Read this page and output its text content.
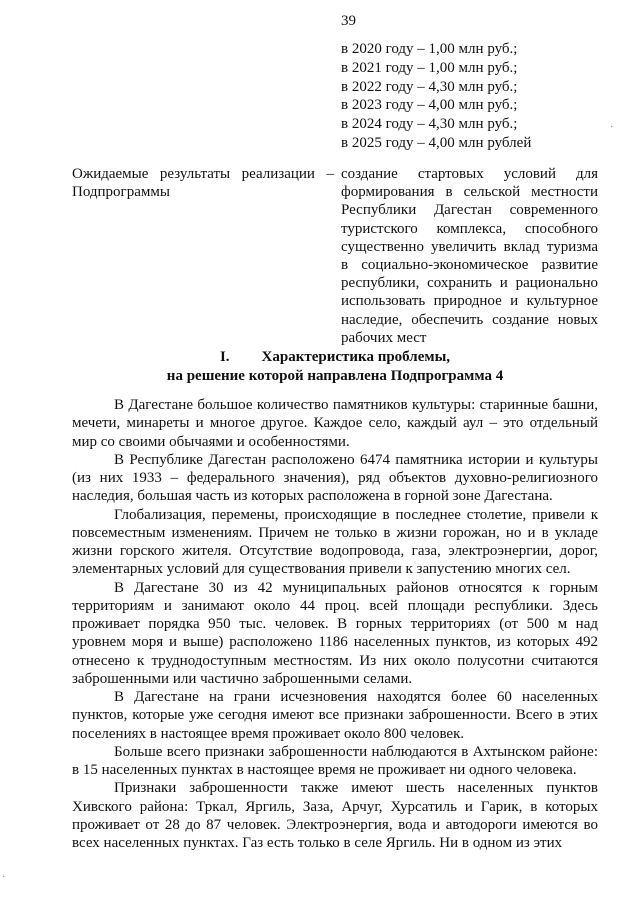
39
в 2020 году – 1,00 млн руб.;
в 2021 году – 1,00 млн руб.;
в 2022 году – 4,30 млн руб.;
в 2023 году – 4,00 млн руб.;
в 2024 году – 4,30 млн руб.;
в 2025 году – 4,00 млн рублей
Ожидаемые результаты реализации –
Подпрограммы
создание стартовых условий для формирования в сельской местности Республики Дагестан современного туристского комплекса, способного существенно увеличить вклад туризма в социально-экономическое развитие республики, сохранить и рационально использовать природное и культурное наследие, обеспечить создание новых рабочих мест
I. Характеристика проблемы,
на решение которой направлена Подпрограмма 4

В Дагестане большое количество памятников культуры: старинные башни, мечети, минареты и многое другое. Каждое село, каждый аул – это отдельный мир со своими обычаями и особенностями.

В Республике Дагестан расположено 6474 памятника истории и культуры (из них 1933 – федерального значения), ряд объектов духовно-религиозного наследия, большая часть из которых расположена в горной зоне Дагестана.

Глобализация, перемены, происходящие в последнее столетие, привели к повсеместным изменениям. Причем не только в жизни горожан, но и в укладе жизни горского жителя. Отсутствие водопровода, газа, электроэнергии, дорог, элементарных условий для существования привели к запустению многих сел.

В Дагестане 30 из 42 муниципальных районов относятся к горным территориям и занимают около 44 проц. всей площади республики. Здесь проживает порядка 950 тыс. человек. В горных территориях (от 500 м над уровнем моря и выше) расположено 1186 населенных пунктов, из которых 492 отнесено к труднодоступным местностям. Из них около полусотни считаются заброшенными или частично заброшенными селами.

В Дагестане на грани исчезновения находятся более 60 населенных пунктов, которые уже сегодня имеют все признаки заброшенности. Всего в этих поселениях в настоящее время проживает около 800 человек.

Больше всего признаки заброшенности наблюдаются в Ахтынском районе: в 15 населенных пунктах в настоящее время не проживает ни одного человека.

Признаки заброшенности также имеют шесть населенных пунктов Хивского района: Тркал, Яргиль, Заза, Арчуг, Хурсатиль и Гарик, в которых проживает от 28 до 87 человек. Электроэнергия, вода и автодороги имеются во всех населенных пунктах. Газ есть только в селе Яргиль. Ни в одном из этих

·
·
